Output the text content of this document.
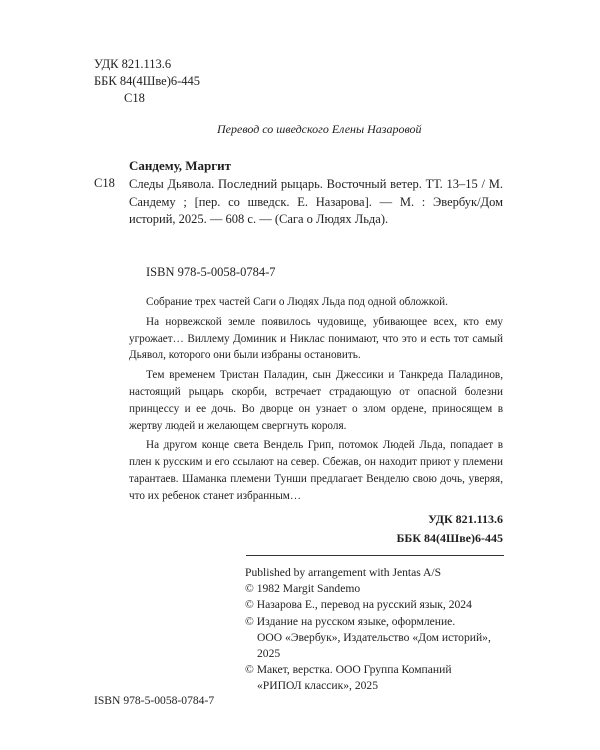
УДК 821.113.6
ББК 84(4Шве)6-445
С18
Перевод со шведского Елены Назаровой
Сандему, Маргит
С18 Следы Дьявола. Последний рыцарь. Восточный ветер. ТТ. 13–15 / М. Сандему ; [пер. со шведск. Е. Назарова]. — М. : Эвербук/Дом историй, 2025. — 608 с. — (Сага о Людях Льда).
ISBN 978-5-0058-0784-7

Собрание трех частей Саги о Людях Льда под одной обложкой.

На норвежской земле появилось чудовище, убивающее всех, кто ему угрожает… Виллему Доминик и Никлас понимают, что это и есть тот самый Дьявол, которого они были избраны остановить.

Тем временем Тристан Паладин, сын Джессики и Танкреда Паладинов, настоящий рыцарь скорби, встречает страдающую от опасной болезни принцессу и ее дочь. Во дворце он узнает о злом ордене, приносящем в жертву людей и желающем свергнуть короля.

На другом конце света Вендель Грип, потомок Людей Льда, попадает в плен к русским и его ссылают на север. Сбежав, он находит приют у племени тарантаев. Шаманка племени Тунши предлагает Венделю свою дочь, уверяя, что их ребенок станет избранным…

УДК 821.113.6
ББК 84(4Шве)6-445
Published by arrangement with Jentas A/S
© 1982 Margit Sandemo
© Назарова Е., перевод на русский язык, 2024
© Издание на русском языке, оформление.
ООО «Эвербук», Издательство «Дом историй»,
2025
© Макет, верстка. ООО Группа Компаний
«РИПОЛ классик», 2025
ISBN 978-5-0058-0784-7
